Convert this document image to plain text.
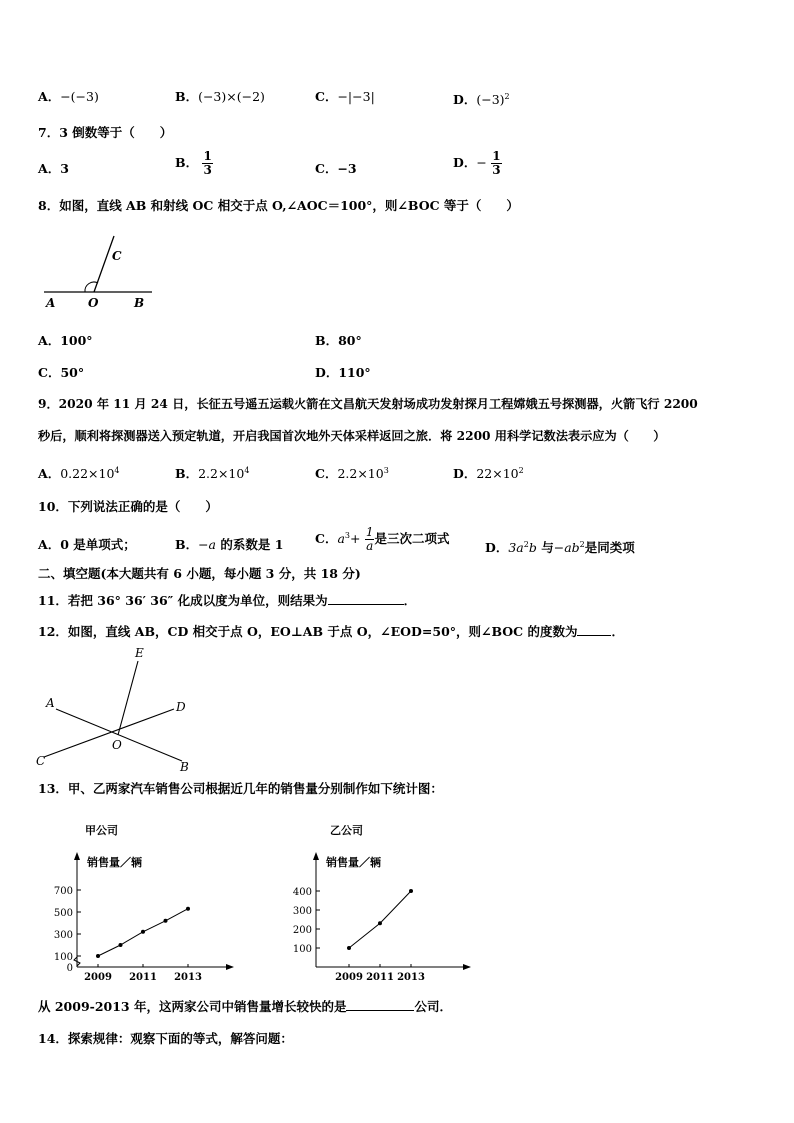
A．−(−3)	B．(−3)×(−2)	C．−|−3|	D．$(-3)^2$
7．3 倒数等于（　　）
A．3	B． $\frac{1}{3}$	C．−3	D．− $\frac{1}{3}$
8．如图，直线 AB 和射线 OC 相交于点 O,∠AOC＝100°，则∠BOC 等于（　　）
A	O	B
C
A．100°	B．80°
C．50°	D．110°
9．2020 年 11 月 24 日，长征五号遥五运载火箭在文昌航天发射场成功发射探月工程嫦娥五号探测器，火箭飞行 2200
秒后，顺利将探测器送入预定轨道，开启我国首次地外天体采样返回之旅．将 2200 用科学记数法表示应为（　　）
A．$0.22\times 10^4$	B．$2.2\times 10^4$	C．$2.2\times 10^3$	D．$22\times 10^2$
10．下列说法正确的是（　　）
A．0 是单项式；	B．−a 的系数是 1	C．$a^3+ \frac{1}{a}$ 是三次二项式
D．$3a^2b$ 与$-ab^2$是同类项
二、填空题(本大题共有 6 小题，每小题 3 分，共 18 分)
11．若把 36° 36′ 36″ 化成以度为单位，则结果为	．
12．如图，直线 AB，CD 相交于点 O，EO⊥AB 于点 O，∠EOD=50°，则∠BOC 的度数为	．
E
A	D
C
O
B
13．甲、乙两家汽车销售公司根据近几年的销售量分别制作如下统计图：
甲公司
销售量／辆
0
100
300
500
700
2009 2011 2013
乙公司
销售量／辆
100
200
300
400
2009 2011 2013
从 2009-2013 年，这两家公司中销售量增长较快的是	公司．
14．探索规律：观察下面的等式，解答问题：
